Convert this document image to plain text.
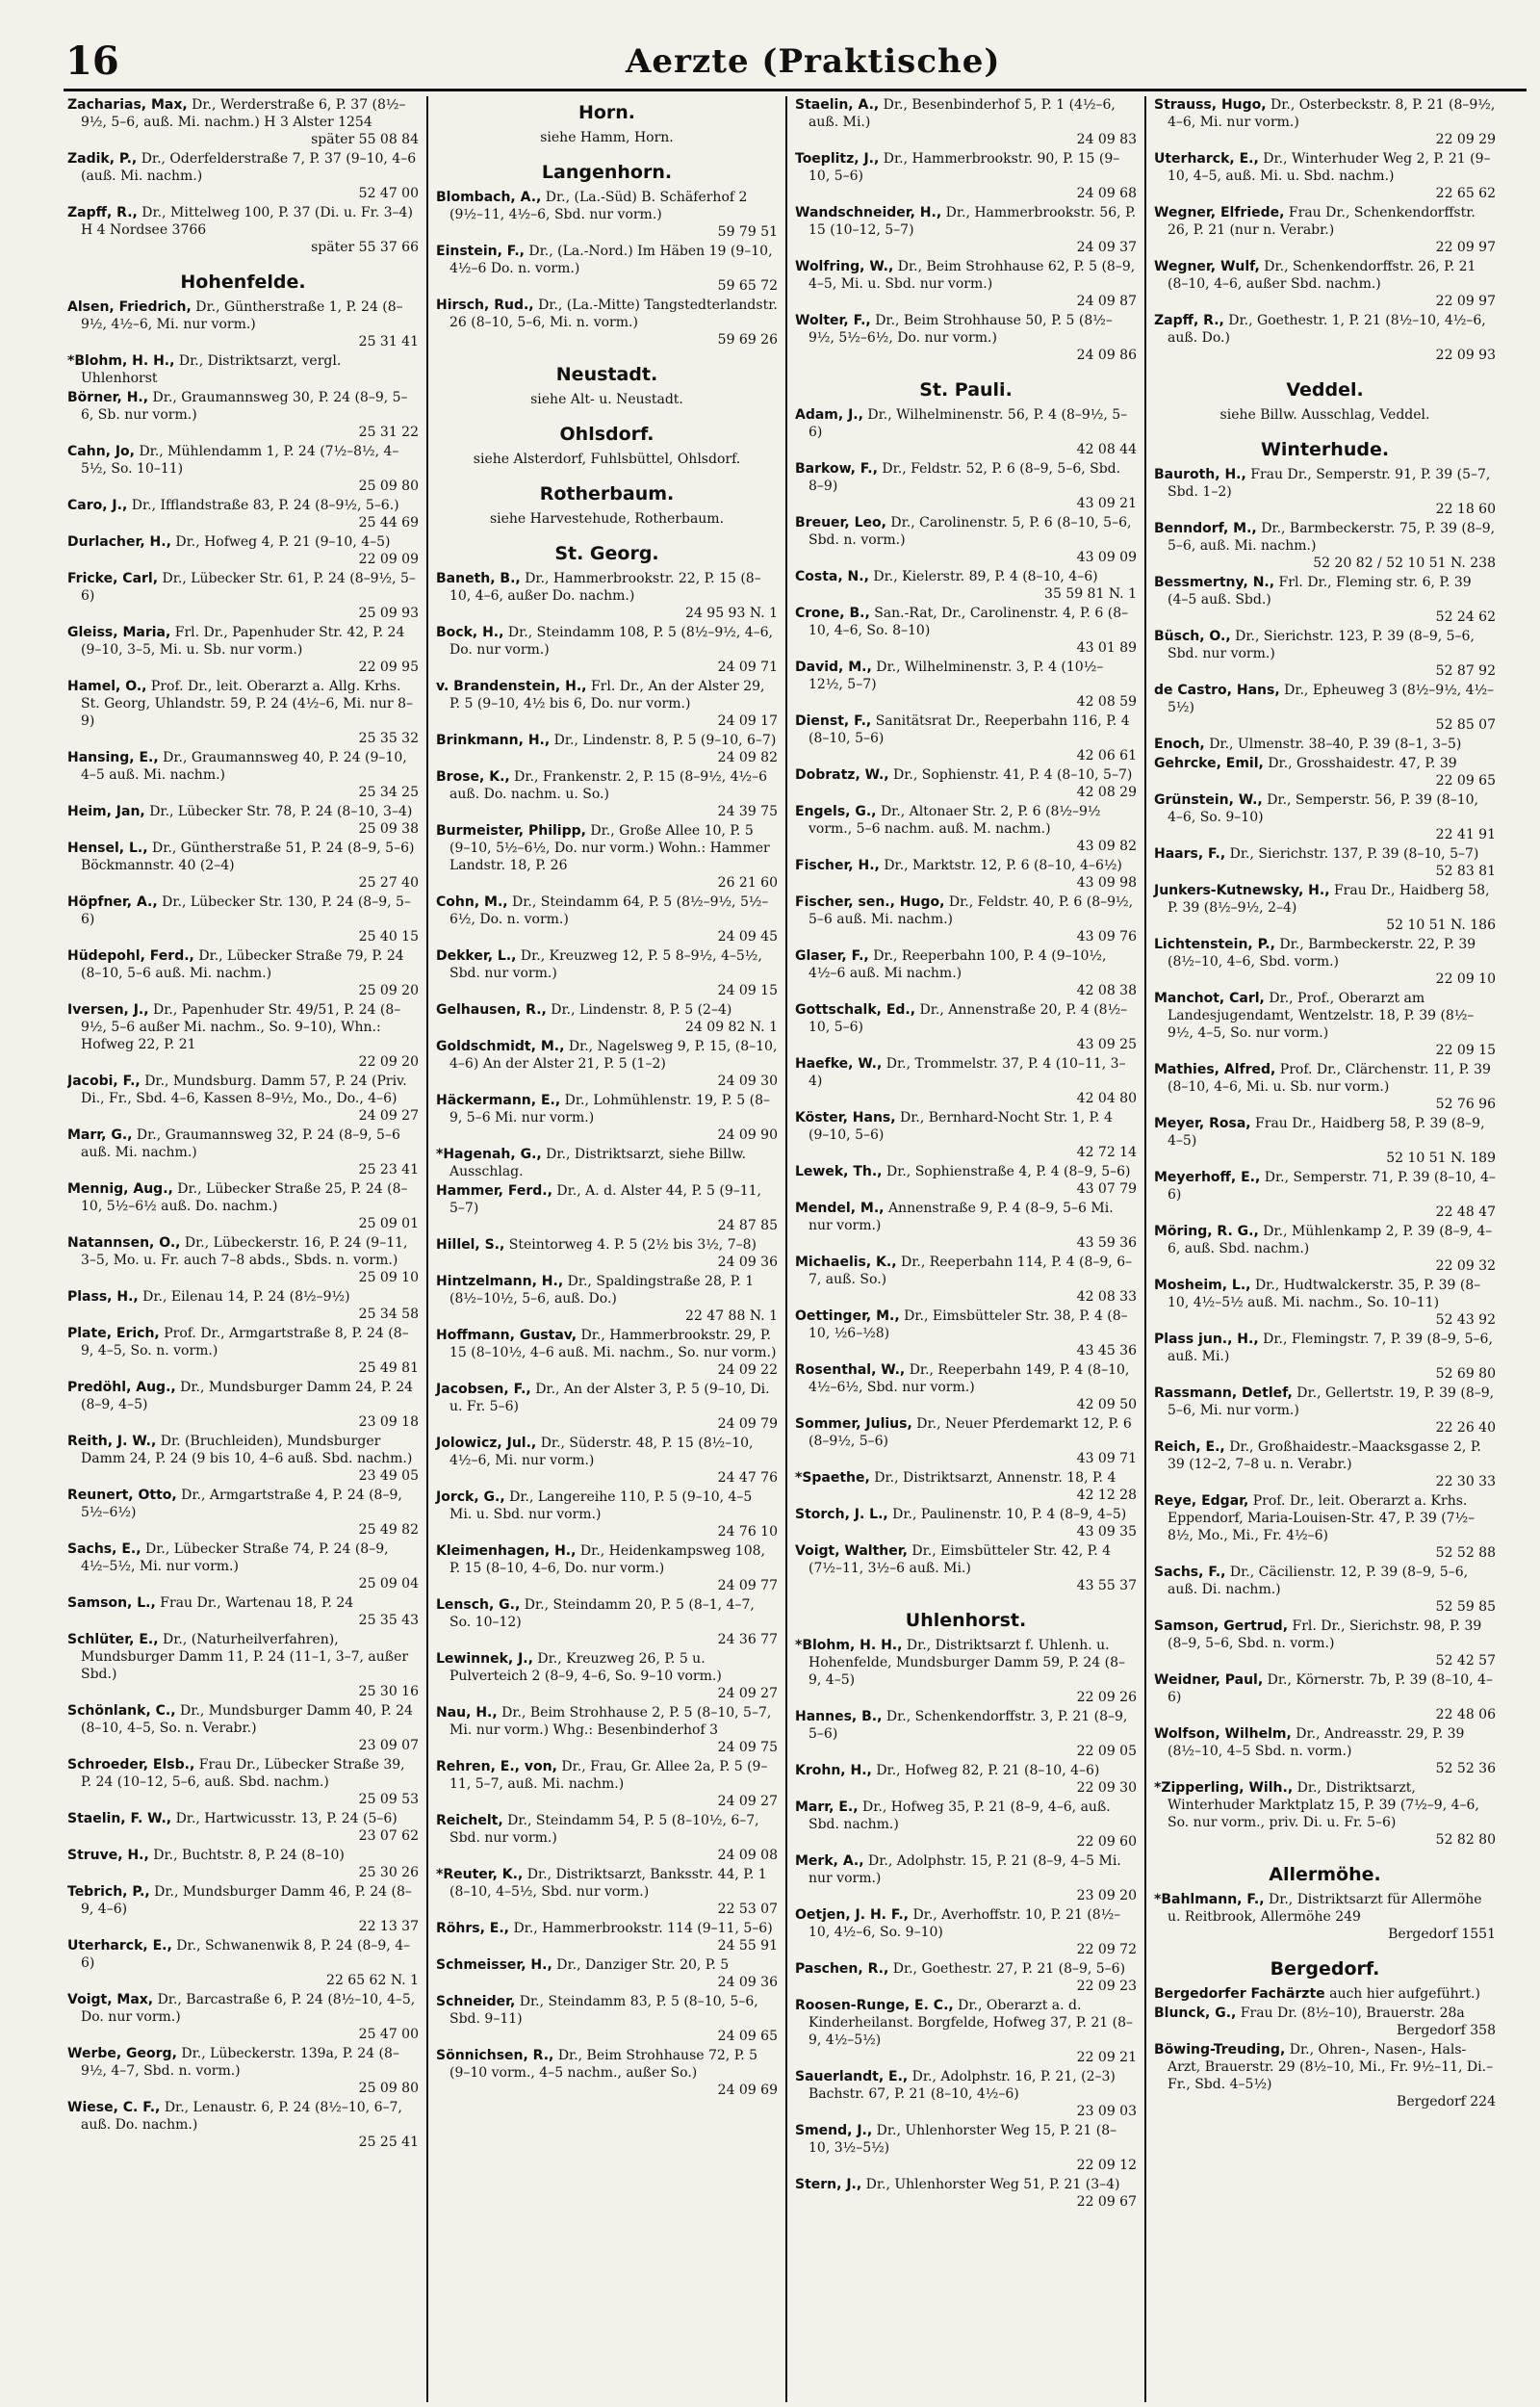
16	Aerzte (Praktische)
Zacharias, Max, Dr., Werderstraße 6, P. 37 (8½–9½, 5–6, auß. Mi. nachm.) H 3 Alster 1254
später 55 08 84
Zadik, P., Dr., Oderfelderstraße 7, P. 37 (9–10, 4–6 (auß. Mi. nachm.)
52 47 00
Zapff, R., Dr., Mittelweg 100, P. 37 (Di. u. Fr. 3–4) H 4 Nordsee 3766
später 55 37 66
Hohenfelde.
Alsen, Friedrich, Dr., Güntherstraße 1, P. 24 (8–9½, 4½–6, Mi. nur vorm.)
25 31 41
*Blohm, H. H., Dr., Distriktsarzt, vergl. Uhlenhorst
Börner, H., Dr., Graumannsweg 30, P. 24 (8–9, 5–6, Sb. nur vorm.)
25 31 22
Cahn, Jo, Dr., Mühlendamm 1, P. 24 (7½–8½, 4–5½, So. 10–11)
25 09 80
Caro, J., Dr., Ifflandstraße 83, P. 24 (8–9½, 5–6.)
25 44 69
Durlacher, H., Dr., Hofweg 4, P. 21 (9–10, 4–5)
22 09 09
Fricke, Carl, Dr., Lübecker Str. 61, P. 24 (8–9½, 5–6)
25 09 93
Gleiss, Maria, Frl. Dr., Papenhuder Str. 42, P. 24 (9–10, 3–5, Mi. u. Sb. nur vorm.)
22 09 95
Hamel, O., Prof. Dr., leit. Oberarzt a. Allg. Krhs. St. Georg, Uhlandstr. 59, P. 24 (4½–6, Mi. nur 8–9)
25 35 32
Hansing, E., Dr., Graumannsweg 40, P. 24 (9–10, 4–5 auß. Mi. nachm.)
25 34 25
Heim, Jan, Dr., Lübecker Str. 78, P. 24 (8–10, 3–4)
25 09 38
Hensel, L., Dr., Güntherstraße 51, P. 24 (8–9, 5–6) Böckmannstr. 40 (2–4)
25 27 40
Höpfner, A., Dr., Lübecker Str. 130, P. 24 (8–9, 5–6)
25 40 15
Hüdepohl, Ferd., Dr., Lübecker Straße 79, P. 24 (8–10, 5–6 auß. Mi. nachm.)
25 09 20
Iversen, J., Dr., Papenhuder Str. 49/51, P. 24 (8–9½, 5–6 außer Mi. nachm., So. 9–10), Whn.: Hofweg 22, P. 21
22 09 20
Jacobi, F., Dr., Mundsburg. Damm 57, P. 24 (Priv. Di., Fr., Sbd. 4–6, Kassen 8–9½, Mo., Do., 4–6)
24 09 27
Marr, G., Dr., Graumannsweg 32, P. 24 (8–9, 5–6 auß. Mi. nachm.)
25 23 41
Mennig, Aug., Dr., Lübecker Straße 25, P. 24 (8–10, 5½–6½ auß. Do. nachm.)
25 09 01
Natannsen, O., Dr., Lübeckerstr. 16, P. 24 (9–11, 3–5, Mo. u. Fr. auch 7–8 abds., Sbds. n. vorm.)
25 09 10
Plass, H., Dr., Eilenau 14, P. 24 (8½–9½)
25 34 58
Plate, Erich, Prof. Dr., Armgartstraße 8, P. 24 (8–9, 4–5, So. n. vorm.)
25 49 81
Predöhl, Aug., Dr., Mundsburger Damm 24, P. 24 (8–9, 4–5)
23 09 18
Reith, J. W., Dr. (Bruchleiden), Mundsburger Damm 24, P. 24 (9 bis 10, 4–6 auß. Sbd. nachm.)
23 49 05
Reunert, Otto, Dr., Armgartstraße 4, P. 24 (8–9, 5½–6½)
25 49 82
Sachs, E., Dr., Lübecker Straße 74, P. 24 (8–9, 4½–5½, Mi. nur vorm.)
25 09 04
Samson, L., Frau Dr., Wartenau 18, P. 24
25 35 43
Schlüter, E., Dr., (Naturheilverfahren), Mundsburger Damm 11, P. 24 (11–1, 3–7, außer Sbd.)
25 30 16
Schönlank, C., Dr., Mundsburger Damm 40, P. 24 (8–10, 4–5, So. n. Verabr.)
23 09 07
Schroeder, Elsb., Frau Dr., Lübecker Straße 39, P. 24 (10–12, 5–6, auß. Sbd. nachm.)
25 09 53
Staelin, F. W., Dr., Hartwicusstr. 13, P. 24 (5–6)
23 07 62
Struve, H., Dr., Buchtstr. 8, P. 24 (8–10)
25 30 26
Tebrich, P., Dr., Mundsburger Damm 46, P. 24 (8–9, 4–6)
22 13 37
Uterharck, E., Dr., Schwanenwik 8, P. 24 (8–9, 4–6)
22 65 62 N. 1
Voigt, Max, Dr., Barcastraße 6, P. 24 (8½–10, 4–5, Do. nur vorm.)
25 47 00
Werbe, Georg, Dr., Lübeckerstr. 139a, P. 24 (8–9½, 4–7, Sbd. n. vorm.)
25 09 80
Wiese, C. F., Dr., Lenaustr. 6, P. 24 (8½–10, 6–7, auß. Do. nachm.)
25 25 41
Horn.
siehe Hamm, Horn.
Langenhorn.
Blombach, A., Dr., (La.-Süd) B. Schäferhof 2 (9½–11, 4½–6, Sbd. nur vorm.)
59 79 51
Einstein, F., Dr., (La.-Nord.) Im Häben 19 (9–10, 4½–6 Do. n. vorm.)
59 65 72
Hirsch, Rud., Dr., (La.-Mitte) Tangstedterlandstr. 26 (8–10, 5–6, Mi. n. vorm.)
59 69 26
Neustadt.
siehe Alt- u. Neustadt.
Ohlsdorf.
siehe Alsterdorf, Fuhlsbüttel, Ohlsdorf.
Rotherbaum.
siehe Harvestehude, Rotherbaum.
St. Georg.
Baneth, B., Dr., Hammerbrookstr. 22, P. 15 (8–10, 4–6, außer Do. nachm.)
24 95 93 N. 1
Bock, H., Dr., Steindamm 108, P. 5 (8½–9½, 4–6, Do. nur vorm.)
24 09 71
v. Brandenstein, H., Frl. Dr., An der Alster 29, P. 5 (9–10, 4½ bis 6, Do. nur vorm.)
24 09 17
Brinkmann, H., Dr., Lindenstr. 8, P. 5 (9–10, 6–7)
24 09 82
Brose, K., Dr., Frankenstr. 2, P. 15 (8–9½, 4½–6 auß. Do. nachm. u. So.)
24 39 75
Burmeister, Philipp, Dr., Große Allee 10, P. 5 (9–10, 5½–6½, Do. nur vorm.) Wohn.: Hammer Landstr. 18, P. 26
26 21 60
Cohn, M., Dr., Steindamm 64, P. 5 (8½–9½, 5½–6½, Do. n. vorm.)
24 09 45
Dekker, L., Dr., Kreuzweg 12, P. 5 8–9½, 4–5½, Sbd. nur vorm.)
24 09 15
Gelhausen, R., Dr., Lindenstr. 8, P. 5 (2–4)
24 09 82 N. 1
Goldschmidt, M., Dr., Nagelsweg 9, P. 15, (8–10, 4–6) An der Alster 21, P. 5 (1–2)
24 09 30
Häckermann, E., Dr., Lohmühlenstr. 19, P. 5 (8–9, 5–6 Mi. nur vorm.)
24 09 90
*Hagenah, G., Dr., Distriktsarzt, siehe Billw. Ausschlag.
Hammer, Ferd., Dr., A. d. Alster 44, P. 5 (9–11, 5–7)
24 87 85
Hillel, S., Steintorweg 4. P. 5 (2½ bis 3½, 7–8)
24 09 36
Hintzelmann, H., Dr., Spaldingstraße 28, P. 1 (8½–10½, 5–6, auß. Do.)
22 47 88 N. 1
Hoffmann, Gustav, Dr., Hammerbrookstr. 29, P. 15 (8–10½, 4–6 auß. Mi. nachm., So. nur vorm.)
24 09 22
Jacobsen, F., Dr., An der Alster 3, P. 5 (9–10, Di. u. Fr. 5–6)
24 09 79
Jolowicz, Jul., Dr., Süderstr. 48, P. 15 (8½–10, 4½–6, Mi. nur vorm.)
24 47 76
Jorck, G., Dr., Langereihe 110, P. 5 (9–10, 4–5 Mi. u. Sbd. nur vorm.)
24 76 10
Kleimenhagen, H., Dr., Heidenkampsweg 108, P. 15 (8–10, 4–6, Do. nur vorm.)
24 09 77
Lensch, G., Dr., Steindamm 20, P. 5 (8–1, 4–7, So. 10–12)
24 36 77
Lewinnek, J., Dr., Kreuzweg 26, P. 5 u. Pulverteich 2 (8–9, 4–6, So. 9–10 vorm.)
24 09 27
Nau, H., Dr., Beim Strohhause 2, P. 5 (8–10, 5–7, Mi. nur vorm.) Whg.: Besenbinderhof 3
24 09 75
Rehren, E., von, Dr., Frau, Gr. Allee 2a, P. 5 (9–11, 5–7, auß. Mi. nachm.)
24 09 27
Reichelt, Dr., Steindamm 54, P. 5 (8–10½, 6–7, Sbd. nur vorm.)
24 09 08
*Reuter, K., Dr., Distriktsarzt, Banksstr. 44, P. 1 (8–10, 4–5½, Sbd. nur vorm.)
22 53 07
Röhrs, E., Dr., Hammerbrookstr. 114 (9–11, 5–6)
24 55 91
Schmeisser, H., Dr., Danziger Str. 20, P. 5
24 09 36
Schneider, Dr., Steindamm 83, P. 5 (8–10, 5–6, Sbd. 9–11)
24 09 65
Sönnichsen, R., Dr., Beim Strohhause 72, P. 5 (9–10 vorm., 4–5 nachm., außer So.)
24 09 69
Staelin, A., Dr., Besenbinderhof 5, P. 1 (4½–6, auß. Mi.)
24 09 83
Toeplitz, J., Dr., Hammerbrookstr. 90, P. 15 (9–10, 5–6)
24 09 68
Wandschneider, H., Dr., Hammerbrookstr. 56, P. 15 (10–12, 5–7)
24 09 37
Wolfring, W., Dr., Beim Strohhause 62, P. 5 (8–9, 4–5, Mi. u. Sbd. nur vorm.)
24 09 87
Wolter, F., Dr., Beim Strohhause 50, P. 5 (8½–9½, 5½–6½, Do. nur vorm.)
24 09 86
St. Pauli.
Adam, J., Dr., Wilhelminenstr. 56, P. 4 (8–9½, 5–6)
42 08 44
Barkow, F., Dr., Feldstr. 52, P. 6 (8–9, 5–6, Sbd. 8–9)
43 09 21
Breuer, Leo, Dr., Carolinenstr. 5, P. 6 (8–10, 5–6, Sbd. n. vorm.)
43 09 09
Costa, N., Dr., Kielerstr. 89, P. 4 (8–10, 4–6)
35 59 81 N. 1
Crone, B., San.-Rat, Dr., Carolinenstr. 4, P. 6 (8–10, 4–6, So. 8–10)
43 01 89
David, M., Dr., Wilhelminenstr. 3, P. 4 (10½–12½, 5–7)
42 08 59
Dienst, F., Sanitätsrat Dr., Reeperbahn 116, P. 4 (8–10, 5–6)
42 06 61
Dobratz, W., Dr., Sophienstr. 41, P. 4 (8–10, 5–7)
42 08 29
Engels, G., Dr., Altonaer Str. 2, P. 6 (8½–9½ vorm., 5–6 nachm. auß. M. nachm.)
43 09 82
Fischer, H., Dr., Marktstr. 12, P. 6 (8–10, 4–6½)
43 09 98
Fischer, sen., Hugo, Dr., Feldstr. 40, P. 6 (8–9½, 5–6 auß. Mi. nachm.)
43 09 76
Glaser, F., Dr., Reeperbahn 100, P. 4 (9–10½, 4½–6 auß. Mi nachm.)
42 08 38
Gottschalk, Ed., Dr., Annenstraße 20, P. 4 (8½–10, 5–6)
43 09 25
Haefke, W., Dr., Trommelstr. 37, P. 4 (10–11, 3–4)
42 04 80
Köster, Hans, Dr., Bernhard-Nocht Str. 1, P. 4 (9–10, 5–6)
42 72 14
Lewek, Th., Dr., Sophienstraße 4, P. 4 (8–9, 5–6)
43 07 79
Mendel, M., Annenstraße 9, P. 4 (8–9, 5–6 Mi. nur vorm.)
43 59 36
Michaelis, K., Dr., Reeperbahn 114, P. 4 (8–9, 6–7, auß. So.)
42 08 33
Oettinger, M., Dr., Eimsbütteler Str. 38, P. 4 (8–10, ½6–½8)
43 45 36
Rosenthal, W., Dr., Reeperbahn 149, P. 4 (8–10, 4½–6½, Sbd. nur vorm.)
42 09 50
Sommer, Julius, Dr., Neuer Pferdemarkt 12, P. 6 (8–9½, 5–6)
43 09 71
*Spaethe, Dr., Distriktsarzt, Annenstr. 18, P. 4
42 12 28
Storch, J. L., Dr., Paulinenstr. 10, P. 4 (8–9, 4–5)
43 09 35
Voigt, Walther, Dr., Eimsbütteler Str. 42, P. 4 (7½–11, 3½–6 auß. Mi.)
43 55 37
Uhlenhorst.
*Blohm, H. H., Dr., Distriktsarzt f. Uhlenh. u. Hohenfelde, Mundsburger Damm 59, P. 24 (8–9, 4–5)
22 09 26
Hannes, B., Dr., Schenkendorffstr. 3, P. 21 (8–9, 5–6)
22 09 05
Krohn, H., Dr., Hofweg 82, P. 21 (8–10, 4–6)
22 09 30
Marr, E., Dr., Hofweg 35, P. 21 (8–9, 4–6, auß. Sbd. nachm.)
22 09 60
Merk, A., Dr., Adolphstr. 15, P. 21 (8–9, 4–5 Mi. nur vorm.)
23 09 20
Oetjen, J. H. F., Dr., Averhoffstr. 10, P. 21 (8½–10, 4½–6, So. 9–10)
22 09 72
Paschen, R., Dr., Goethestr. 27, P. 21 (8–9, 5–6)
22 09 23
Roosen-Runge, E. C., Dr., Oberarzt a. d. Kinderheilanst. Borgfelde, Hofweg 37, P. 21 (8–9, 4½–5½)
22 09 21
Sauerlandt, E., Dr., Adolphstr. 16, P. 21, (2–3) Bachstr. 67, P. 21 (8–10, 4½–6)
23 09 03
Smend, J., Dr., Uhlenhorster Weg 15, P. 21 (8–10, 3½–5½)
22 09 12
Stern, J., Dr., Uhlenhorster Weg 51, P. 21 (3–4)
22 09 67
Strauss, Hugo, Dr., Osterbeckstr. 8, P. 21 (8–9½, 4–6, Mi. nur vorm.)
22 09 29
Uterharck, E., Dr., Winterhuder Weg 2, P. 21 (9–10, 4–5, auß. Mi. u. Sbd. nachm.)
22 65 62
Wegner, Elfriede, Frau Dr., Schenkendorffstr. 26, P. 21 (nur n. Verabr.)
22 09 97
Wegner, Wulf, Dr., Schenkendorffstr. 26, P. 21 (8–10, 4–6, außer Sbd. nachm.)
22 09 97
Zapff, R., Dr., Goethestr. 1, P. 21 (8½–10, 4½–6, auß. Do.)
22 09 93
Veddel.
siehe Billw. Ausschlag, Veddel.
Winterhude.
Bauroth, H., Frau Dr., Semperstr. 91, P. 39 (5–7, Sbd. 1–2)
22 18 60
Benndorf, M., Dr., Barmbeckerstr. 75, P. 39 (8–9, 5–6, auß. Mi. nachm.)
52 20 82 / 52 10 51 N. 238
Bessmertny, N., Frl. Dr., Fleming str. 6, P. 39 (4–5 auß. Sbd.)
52 24 62
Büsch, O., Dr., Sierichstr. 123, P. 39 (8–9, 5–6, Sbd. nur vorm.)
52 87 92
de Castro, Hans, Dr., Epheuweg 3 (8½–9½, 4½–5½)
52 85 07
Enoch, Dr., Ulmenstr. 38–40, P. 39 (8–1, 3–5)
Gehrcke, Emil, Dr., Grosshaidestr. 47, P. 39
22 09 65
Grünstein, W., Dr., Semperstr. 56, P. 39 (8–10, 4–6, So. 9–10)
22 41 91
Haars, F., Dr., Sierichstr. 137, P. 39 (8–10, 5–7)
52 83 81
Junkers-Kutnewsky, H., Frau Dr., Haidberg 58, P. 39 (8½–9½, 2–4)
52 10 51 N. 186
Lichtenstein, P., Dr., Barmbeckerstr. 22, P. 39 (8½–10, 4–6, Sbd. vorm.)
22 09 10
Manchot, Carl, Dr., Prof., Oberarzt am Landesjugendamt, Wentzelstr. 18, P. 39 (8½–9½, 4–5, So. nur vorm.)
22 09 15
Mathies, Alfred, Prof. Dr., Clärchenstr. 11, P. 39 (8–10, 4–6, Mi. u. Sb. nur vorm.)
52 76 96
Meyer, Rosa, Frau Dr., Haidberg 58, P. 39 (8–9, 4–5)
52 10 51 N. 189
Meyerhoff, E., Dr., Semperstr. 71, P. 39 (8–10, 4–6)
22 48 47
Möring, R. G., Dr., Mühlenkamp 2, P. 39 (8–9, 4–6, auß. Sbd. nachm.)
22 09 32
Mosheim, L., Dr., Hudtwalckerstr. 35, P. 39 (8–10, 4½–5½ auß. Mi. nachm., So. 10–11)
52 43 92
Plass jun., H., Dr., Flemingstr. 7, P. 39 (8–9, 5–6, auß. Mi.)
52 69 80
Rassmann, Detlef, Dr., Gellertstr. 19, P. 39 (8–9, 5–6, Mi. nur vorm.)
22 26 40
Reich, E., Dr., Großhaidestr.–Maacksgasse 2, P. 39 (12–2, 7–8 u. n. Verabr.)
22 30 33
Reye, Edgar, Prof. Dr., leit. Oberarzt a. Krhs. Eppendorf, Maria-Louisen-Str. 47, P. 39 (7½–8½, Mo., Mi., Fr. 4½–6)
52 52 88
Sachs, F., Dr., Cäcilienstr. 12, P. 39 (8–9, 5–6, auß. Di. nachm.)
52 59 85
Samson, Gertrud, Frl. Dr., Sierichstr. 98, P. 39 (8–9, 5–6, Sbd. n. vorm.)
52 42 57
Weidner, Paul, Dr., Körnerstr. 7b, P. 39 (8–10, 4–6)
22 48 06
Wolfson, Wilhelm, Dr., Andreasstr. 29, P. 39 (8½–10, 4–5 Sbd. n. vorm.)
52 52 36
*Zipperling, Wilh., Dr., Distriktsarzt, Winterhuder Marktplatz 15, P. 39 (7½–9, 4–6, So. nur vorm., priv. Di. u. Fr. 5–6)
52 82 80
Allermöhe.
*Bahlmann, F., Dr., Distriktsarzt für Allermöhe u. Reitbrook, Allermöhe 249
Bergedorf 1551
Bergedorf.
Bergedorfer Fachärzte auch hier aufgeführt.)
Blunck, G., Frau Dr. (8½–10), Brauerstr. 28a
Bergedorf 358
Böwing-Treuding, Dr., Ohren-, Nasen-, Hals-Arzt, Brauerstr. 29 (8½–10, Mi., Fr. 9½–11, Di.–Fr., Sbd. 4–5½)
Bergedorf 224
